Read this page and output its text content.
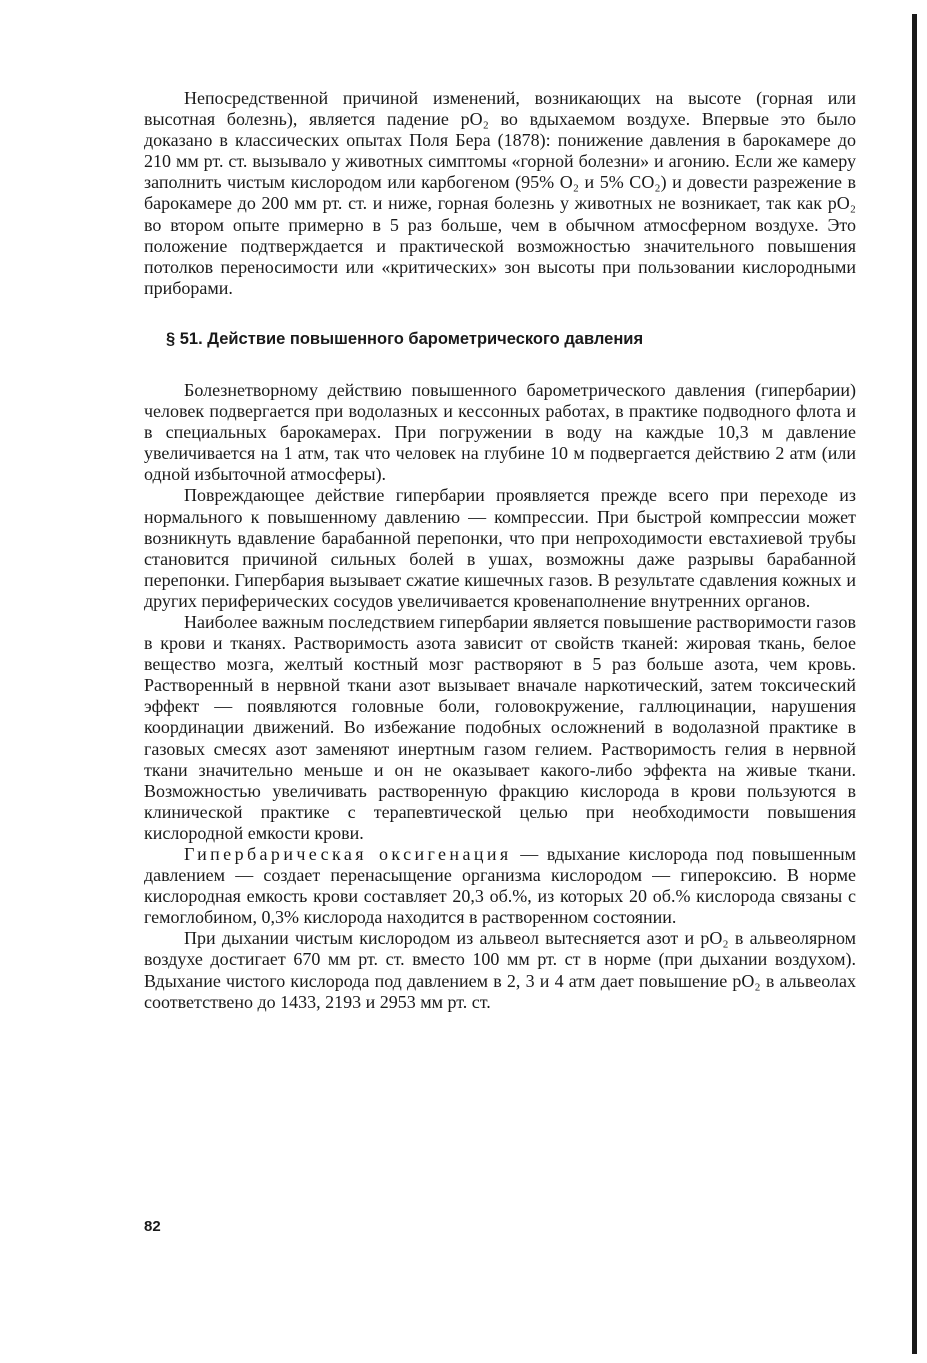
Непосредственной причиной изменений, возникающих на высоте (горная или высотная болезнь), является падение pO₂ во вдыхаемом воздухе. Впервые это было доказано в классических опытах Поля Бера (1878): понижение давления в барокамере до 210 мм рт. ст. вызывало у животных симптомы «горной болезни» и агонию. Если же камеру заполнить чистым кислородом или карбогеном (95% O₂ и 5% CO₂) и довести разрежение в барокамере до 200 мм рт. ст. и ниже, горная болезнь у животных не возникает, так как pO₂ во втором опыте примерно в 5 раз больше, чем в обычном атмосферном воздухе. Это положение подтверждается и практической возможностью значительного повышения потолков переносимости или «критических» зон высоты при пользовании кислородными приборами.

§ 51. Действие повышенного барометрического давления

Болезнетворному действию повышенного барометрического давления (гипербарии) человек подвергается при водолазных и кессонных работах, в практике подводного флота и в специальных барокамерах. При погружении в воду на каждые 10,3 м давление увеличивается на 1 атм, так что человек на глубине 10 м подвергается действию 2 атм (или одной избыточной атмосферы).

Повреждающее действие гипербарии проявляется прежде всего при переходе из нормального к повышенному давлению — компрессии. При быстрой компрессии может возникнуть вдавление барабанной перепонки, что при непроходимости евстахиевой трубы становится причиной сильных болей в ушах, возможны даже разрывы барабанной перепонки. Гипербария вызывает сжатие кишечных газов. В результате сдавления кожных и других периферических сосудов увеличивается кровенаполнение внутренних органов.

Наиболее важным последствием гипербарии является повышение растворимости газов в крови и тканях. Растворимость азота зависит от свойств тканей: жировая ткань, белое вещество мозга, желтый костный мозг растворяют в 5 раз больше азота, чем кровь. Растворенный в нервной ткани азот вызывает вначале наркотический, затем токсический эффект — появляются головные боли, головокружение, галлюцинации, нарушения координации движений. Во избежание подобных осложнений в водолазной практике в газовых смесях азот заменяют инертным газом гелием. Растворимость гелия в нервной ткани значительно меньше и он не оказывает какого-либо эффекта на живые ткани. Возможностью увеличивать растворенную фракцию кислорода в крови пользуются в клинической практике с терапевтической целью при необходимости повышения кислородной емкости крови.

Гипербарическая оксигенация — вдыхание кислорода под повышенным давлением — создает перенасыщение организма кислородом — гипероксию. В норме кислородная емкость крови составляет 20,3 об.%, из которых 20 об.% кислорода связаны с гемоглобином, 0,3% кислорода находится в растворенном состоянии.

При дыхании чистым кислородом из альвеол вытесняется азот и pO₂ в альвеолярном воздухе достигает 670 мм рт. ст. вместо 100 мм рт. ст в норме (при дыхании воздухом). Вдыхание чистого кислорода под давлением в 2, 3 и 4 атм дает повышение pO₂ в альвеолах соответствено до 1433, 2193 и 2953 мм рт. ст.

82
